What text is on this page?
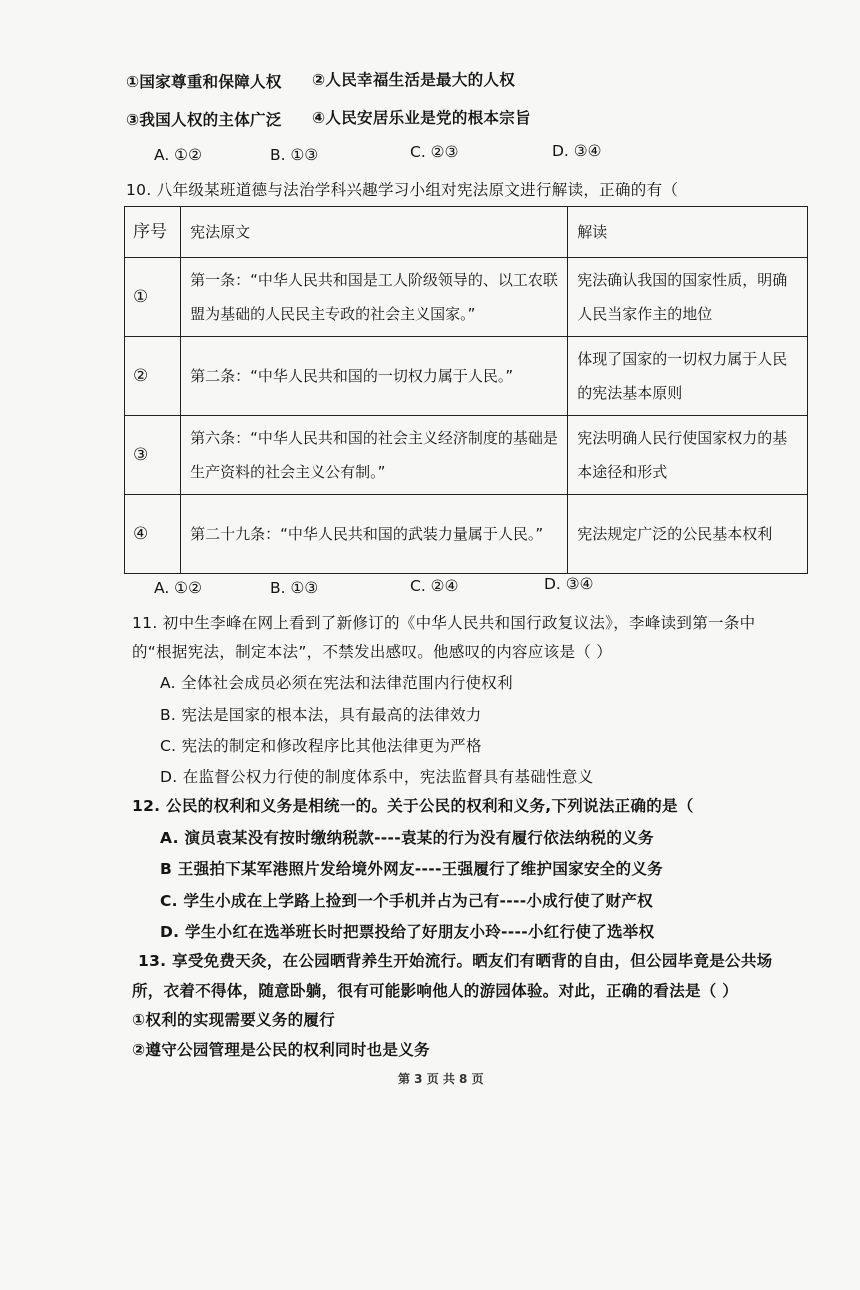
①国家尊重和保障人权 ②人民幸福生活是最大的人权
③我国人权的主体广泛 ④人民安居乐业是党的根本宗旨
A. ①②	B. ①③	C. ②③	D. ③④
10. 八年级某班道德与法治学科兴趣学习小组对宪法原文进行解读，正确的有（
序号	宪法原文	解读
①	第一条：“中华人民共和国是工人阶级领导的、以工农联盟为基础的人民民主专政的社会主义国家。”	宪法确认我国的国家性质，明确人民当家作主的地位
②	第二条：“中华人民共和国的一切权力属于人民。”	体现了国家的一切权力属于人民的宪法基本原则
③	第六条：“中华人民共和国的社会主义经济制度的基础是生产资料的社会主义公有制。”	宪法明确人民行使国家权力的基本途径和形式
④	第二十九条：“中华人民共和国的武装力量属于人民。”	宪法规定广泛的公民基本权利
A. ①②	B. ①③	C. ②④	D. ③④
11. 初中生李峰在网上看到了新修订的《中华人民共和国行政复议法》，李峰读到第一条中
的“根据宪法，制定本法”，不禁发出感叹。他感叹的内容应该是（ ）
A. 全体社会成员必须在宪法和法律范围内行使权利
B. 宪法是国家的根本法，具有最高的法律效力
C. 宪法的制定和修改程序比其他法律更为严格
D. 在监督公权力行使的制度体系中，宪法监督具有基础性意义
12. 公民的权利和义务是相统一的。关于公民的权利和义务,下列说法正确的是（
A. 演员袁某没有按时缴纳税款----袁某的行为没有履行依法纳税的义务
B 王强拍下某军港照片发给境外网友----王强履行了维护国家安全的义务
C. 学生小成在上学路上捡到一个手机并占为己有----小成行使了财产权
D. 学生小红在选举班长时把票投给了好朋友小玲----小红行使了选举权
13. 享受免费天灸，在公园晒背养生开始流行。晒友们有晒背的自由，但公园毕竟是公共场
所，衣着不得体，随意卧躺，很有可能影响他人的游园体验。对此，正确的看法是（ ）
①权利的实现需要义务的履行
②遵守公园管理是公民的权利同时也是义务
第 3 页 共 8 页
